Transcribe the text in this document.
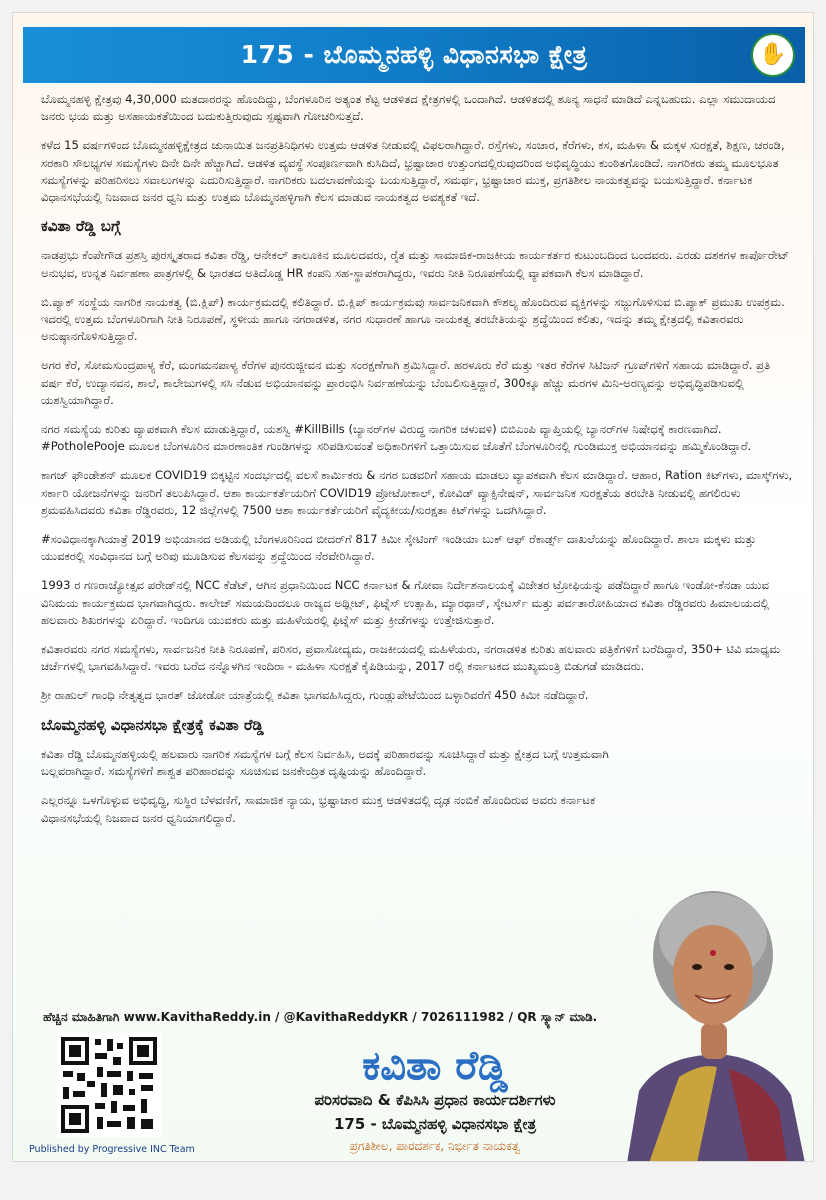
175 - ಬೊಮ್ಮನಹಳ್ಳಿ ವಿಧಾನಸಭಾ ಕ್ಷೇತ್ರ	✋

ಬೊಮ್ಮನಹಳ್ಳಿ ಕ್ಷೇತ್ರವು 4,30,000 ಮತದಾರರನ್ನು ಹೊಂದಿದ್ದು, ಬೆಂಗಳೂರಿನ ಅತ್ಯಂತ ಕೆಟ್ಟ ಆಡಳಿತದ ಕ್ಷೇತ್ರಗಳಲ್ಲಿ ಒಂದಾಗಿದೆ. ಆಡಳಿತದಲ್ಲಿ ಶೂನ್ಯ ಸಾಧನೆ ಮಾಡಿದೆ ಎನ್ನಬಹುದು. ಎಲ್ಲಾ ಸಮುದಾಯದ ಜನರು ಭಯ ಮತ್ತು ಅಸಹಾಯಕತೆಯಿಂದ ಬದುಕುತ್ತಿರುವುದು ಸ್ಪಷ್ಟವಾಗಿ ಗೋಚರಿಸುತ್ತದೆ.

ಕಳೆದ 15 ವರ್ಷಗಳಿಂದ ಬೊಮ್ಮನಹಳ್ಳಿಕ್ಷೇತ್ರದ ಚುನಾಯಿತ ಜನಪ್ರತಿನಿಧಿಗಳು ಉತ್ತಮ ಆಡಳಿತ ನೀಡುವಲ್ಲಿ ವಿಫಲರಾಗಿದ್ದಾರೆ. ರಸ್ತೆಗಳು, ಸಂಚಾರ, ಕೆರೆಗಳು, ಕಸ, ಮಹಿಳಾ & ಮಕ್ಕಳ ಸುರಕ್ಷತೆ, ಶಿಕ್ಷಣ, ಚರಂಡಿ, ಸರಕಾರಿ ಸೌಲಭ್ಯಗಳ ಸಮಸ್ಯೆಗಳು ದಿನೇ ದಿನೇ ಹೆಚ್ಚಾಗಿದೆ. ಆಡಳಿತ ವ್ಯವಸ್ಥೆ ಸಂಪೂರ್ಣವಾಗಿ ಕುಸಿದಿದೆ, ಭ್ರಷ್ಟಾಚಾರ ಉತ್ತುಂಗದಲ್ಲಿರುವುದರಿಂದ ಅಭಿವೃದ್ಧಿಯು ಕುಂಠಿತಗೊಂಡಿದೆ. ನಾಗರಿಕರು ತಮ್ಮ ಮೂಲಭೂತ ಸಮಸ್ಯೆಗಳನ್ನು ಪರಿಹರಿಸಲು ಸವಾಲುಗಳನ್ನು ಎದುರಿಸುತ್ತಿದ್ದಾರೆ. ನಾಗರಿಕರು ಬದಲಾವಣೆಯನ್ನು ಬಯಸುತ್ತಿದ್ದಾರೆ, ಸಮರ್ಥ, ಭ್ರಷ್ಟಾಚಾರ ಮುಕ್ತ, ಪ್ರಗತಿಶೀಲ ನಾಯಕತ್ವವನ್ನು ಬಯಸುತ್ತಿದ್ದಾರೆ. ಕರ್ನಾಟಕ ವಿಧಾನಸಭೆಯಲ್ಲಿ ನಿಜವಾದ ಜನರ ಧ್ವನಿ ಮತ್ತು ಉತ್ತಮ ಬೊಮ್ಮನಹಳ್ಳಿಗಾಗಿ ಕೆಲಸ ಮಾಡುವ ನಾಯಕತ್ವದ ಅವಶ್ಯಕತೆ ಇದೆ.

ಕವಿತಾ ರೆಡ್ಡಿ ಬಗ್ಗೆ

ನಾಡಪ್ರಭು ಕೆಂಪೇಗೌಡ ಪ್ರಶಸ್ತಿ ಪುರಸ್ಕೃತರಾದ ಕವಿತಾ ರೆಡ್ಡಿ, ಆನೇಕಲ್ ತಾಲೂಕಿನ ಮೂಲದವರು, ರೈತ ಮತ್ತು ಸಾಮಾಜಿಕ-ರಾಜಕೀಯ ಕಾರ್ಯಕರ್ತರ ಕುಟುಂಬದಿಂದ ಬಂದವರು. ಎರಡು ದಶಕಗಳ ಕಾರ್ಪೊರೇಟ್ ಅನುಭವ, ಉನ್ನತ ನಿರ್ವಹಣಾ ಪಾತ್ರಗಳಲ್ಲಿ & ಭಾರತದ ಅತಿದೊಡ್ಡ HR ಕಂಪನಿ ಸಹ-ಸ್ಥಾಪಕರಾಗಿದ್ದರು, ಇವರು ನೀತಿ ನಿರೂಪಣೆಯಲ್ಲಿ ವ್ಯಾಪಕವಾಗಿ ಕೆಲಸ ಮಾಡಿದ್ದಾರೆ.

ಬಿ.ಪ್ಯಾಕ್ ಸಂಸ್ಥೆಯ ನಾಗರಿಕ ನಾಯಕತ್ವ (ಬಿ.ಕ್ಲಿಪ್) ಕಾರ್ಯಕ್ರಮದಲ್ಲಿ ಕಲಿತಿದ್ದಾರೆ. ಬಿ.ಕ್ಲಿಪ್ ಕಾರ್ಯಕ್ರಮವು ಸಾರ್ವಜನಿಕವಾಗಿ ಕೌಶಲ್ಯ ಹೊಂದಿರುವ ವ್ಯಕ್ತಿಗಳನ್ನು ಸಜ್ಜುಗೊಳಿಸುವ ಬಿ.ಪ್ಯಾಕ್ ಪ್ರಮುಖ ಉಪಕ್ರಮ. ಇದರಲ್ಲಿ ಉತ್ತಮ ಬೆಂಗಳೂರಿಗಾಗಿ ನೀತಿ ನಿರೂಪಣೆ, ಸ್ಥಳೀಯ ಹಾಗೂ ನಗರಾಡಳಿತ, ನಗರ ಸುಧಾರಣೆ ಹಾಗೂ ನಾಯಕತ್ವ ತರಬೇತಿಯನ್ನು ಶ್ರದ್ಧೆಯಿಂದ ಕಲಿತು, ಇದನ್ನು ತಮ್ಮ ಕ್ಷೇತ್ರದಲ್ಲಿ ಕವಿತಾರವರು ಅನುಷ್ಠಾನಗೊಳಿಸುತ್ತಿದ್ದಾರೆ.

ಅಗರ ಕೆರೆ, ಸೋಮಸುಂದ್ರಪಾಳ್ಯ ಕೆರೆ, ಮಂಗಮನಪಾಳ್ಯ ಕೆರೆಗಳ ಪುನರುಜ್ಜೀವನ ಮತ್ತು ಸಂರಕ್ಷಣೆಗಾಗಿ ಶ್ರಮಿಸಿದ್ದಾರೆ. ಹರಳೂರು ಕೆರೆ ಮತ್ತು ಇತರ ಕೆರೆಗಳ ಸಿಟಿಜನ್ ಗ್ರೂಪ್‌ಗಳಿಗೆ ಸಹಾಯ ಮಾಡಿದ್ದಾರೆ. ಪ್ರತಿ ವರ್ಷ ಕೆರೆ, ಉದ್ಯಾನವನ, ಶಾಲೆ, ಕಾಲೇಜುಗಳಲ್ಲಿ ಸಸಿ ನೆಡುವ ಅಭಿಯಾನವನ್ನು ಪ್ರಾರಂಭಿಸಿ ನಿರ್ವಹಣೆಯನ್ನು ಬೆಂಬಲಿಸುತ್ತಿದ್ದಾರೆ, 300ಕ್ಕೂ ಹೆಚ್ಚು ಮರಗಳ ಮಿನಿ-ಅರಣ್ಯವನ್ನು ಅಭಿವೃದ್ಧಿಪಡಿಸುವಲ್ಲಿ ಯಶಸ್ವಿಯಾಗಿದ್ದಾರೆ.

ನಗರ ಸಮಸ್ಯೆಯ ಕುರಿತು ವ್ಯಾಪಕವಾಗಿ ಕೆಲಸ ಮಾಡುತ್ತಿದ್ದಾರೆ, ಯಶಸ್ವಿ #KillBills (ಬ್ಯಾನರ್‌ಗಳ ವಿರುದ್ಧ ನಾಗರಿಕ ಚಳುವಳಿ) ಬಿಬಿಎಂಪಿ ವ್ಯಾಪ್ತಿಯಲ್ಲಿ ಬ್ಯಾನರ್‌ಗಳ ನಿಷೇಧಕ್ಕೆ ಕಾರಣವಾಗಿದೆ. #PotholePooje ಮೂಲಕ ಬೆಂಗಳೂರಿನ ಮಾರಣಾಂತಿಕ ಗುಂಡಿಗಳನ್ನು ಸರಿಪಡಿಸುವಂತೆ ಅಧಿಕಾರಿಗಳಿಗೆ ಒತ್ತಾಯಿಸುವ ಜೊತೆಗೆ ಬೆಂಗಳೂರಿನಲ್ಲಿ ಗುಂಡಿಮುಕ್ತ ಅಭಿಯಾನವನ್ನು ಹಮ್ಮಿಕೊಂಡಿದ್ದಾರೆ.

ಕಾಗಜ್ ಫೌಂಡೇಶನ್ ಮೂಲಕ COVID19 ಬಿಕ್ಕಟ್ಟಿನ ಸಂದರ್ಭದಲ್ಲಿ ವಲಸೆ ಕಾರ್ಮಿಕರು & ನಗರ ಬಡವರಿಗೆ ಸಹಾಯ ಮಾಡಲು ವ್ಯಾಪಕವಾಗಿ ಕೆಲಸ ಮಾಡಿದ್ದಾರೆ. ಆಹಾರ, Ration ಕಿಟ್‌ಗಳು, ಮಾಸ್ಕ್‌ಗಳು, ಸರ್ಕಾರಿ ಯೋಜನೆಗಳನ್ನು ಜನರಿಗೆ ತಲುಪಿಸಿದ್ದಾರೆ. ಆಶಾ ಕಾರ್ಯಕರ್ತೆಯರಿಗೆ COVID19 ಪ್ರೋಟೋಕಾಲ್, ಕೋವಿಡ್ ವ್ಯಾಕ್ಸಿನೇಷನ್, ಸಾರ್ವಜನಿಕ ಸುರಕ್ಷತೆಯ ತರಬೇತಿ ನೀಡುವಲ್ಲಿ ಹಗಲಿರುಳು ಶ್ರಮವಹಿಸಿದವರು ಕವಿತಾ ರೆಡ್ಡಿರವರು, 12 ಜಿಲ್ಲೆಗಳಲ್ಲಿ 7500 ಆಶಾ ಕಾರ್ಯಕರ್ತೆಯರಿಗೆ ವೈದ್ಯಕೀಯ/ಸುರಕ್ಷತಾ ಕಿಟ್‌ಗಳನ್ನು ಒದಗಿಸಿದ್ದಾರೆ.

#ಸಂವಿಧಾನಕ್ಕಾಗಿಯಾತ್ರೆ 2019 ಅಭಿಯಾನದ ಅಡಿಯಲ್ಲಿ ಬೆಂಗಳೂರಿನಿಂದ ಬೀದರ್‌ಗೆ 817 ಕಿಮೀ ಸ್ಕೇಟಿಂಗ್ ಇಂಡಿಯಾ ಬುಕ್ ಆಫ್ ರೆಕಾರ್ಡ್ಸ್ ದಾಖಲೆಯನ್ನು ಹೊಂದಿದ್ದಾರೆ. ಶಾಲಾ ಮಕ್ಕಳು ಮತ್ತು ಯುವಕರಲ್ಲಿ ಸಂವಿಧಾನದ ಬಗ್ಗೆ ಅರಿವು ಮೂಡಿಸುವ ಕೆಲಸವನ್ನು ಶ್ರದ್ಧೆಯಿಂದ ನೆರವೇರಿಸಿದ್ದಾರೆ.

1993 ರ ಗಣರಾಜ್ಯೋತ್ಸವ ಪರೇಡ್‌ನಲ್ಲಿ NCC ಕೆಡೆಟ್, ಆಗಿನ ಪ್ರಧಾನಿಯಿಂದ NCC ಕರ್ನಾಟಕ & ಗೋವಾ ನಿರ್ದೇಶನಾಲಯಕ್ಕೆ ವಿಜೇತರ ಟ್ರೋಫಿಯನ್ನು ಪಡೆದಿದ್ದಾರೆ ಹಾಗೂ ಇಂಡೋ-ಕೆನಡಾ ಯುವ ವಿನಿಮಯ ಕಾರ್ಯಕ್ರಮದ ಭಾಗವಾಗಿದ್ದರು. ಕಾಲೇಜ್ ಸಮಯದಿಂದಲೂ ರಾಜ್ಯದ ಅಥ್ಲೀಟ್, ಫಿಟ್ನೆಸ್ ಉತ್ಸಾಹಿ, ಮ್ಯಾರಥಾನ್, ಸ್ಕೇಟರ್ಸ್ ಮತ್ತು ಪರ್ವತಾರೋಹಿಯಾದ ಕವಿತಾ ರೆಡ್ಡಿರವರು ಹಿಮಾಲಯದಲ್ಲಿ ಹಲವಾರು ಶಿಖರಗಳನ್ನು ಏರಿದ್ದಾರೆ. ಇಂದಿಗೂ ಯುವಕರು ಮತ್ತು ಮಹಿಳೆಯರಲ್ಲಿ ಫಿಟ್ನೆಸ್ ಮತ್ತು ಕ್ರೀಡೆಗಳನ್ನು ಉತ್ತೇಜಿಸುತ್ತಾರೆ.

ಕವಿತಾರವರು ನಗರ ಸಮಸ್ಯೆಗಳು, ಸಾರ್ವಜನಿಕ ನೀತಿ ನಿರೂಪಣೆ, ಪರಿಸರ, ಪ್ರವಾಸೋದ್ಯಮ, ರಾಜಕೀಯದಲ್ಲಿ ಮಹಿಳೆಯರು, ನಗರಾಡಳಿತ ಕುರಿತು ಹಲವಾರು ಪತ್ರಿಕೆಗಳಿಗೆ ಬರೆದಿದ್ದಾರೆ, 350+ ಟಿವಿ ಮಾಧ್ಯಮ ಚರ್ಚೆಗಳಲ್ಲಿ ಭಾಗವಹಿಸಿದ್ದಾರೆ. ಇವರು ಬರೆದ ನನ್ನೊಳಗಿನ ಇಂದಿರಾ - ಮಹಿಳಾ ಸುರಕ್ಷತೆ ಕೈಪಿಡಿಯನ್ನು, 2017 ರಲ್ಲಿ ಕರ್ನಾಟಕದ ಮುಖ್ಯಮಂತ್ರಿ ಬಿಡುಗಡೆ ಮಾಡಿದರು.

ಶ್ರೀ ರಾಹುಲ್ ಗಾಂಧಿ ನೇತೃತ್ವದ ಭಾರತ್ ಜೋಡೋ ಯಾತ್ರೆಯಲ್ಲಿ ಕವಿತಾ ಭಾಗವಹಿಸಿದ್ದರು, ಗುಂಡ್ಲುಪೇಟೆಯಿಂದ ಬಳ್ಳಾರಿವರೆಗೆ 450 ಕಿಮೀ ನಡೆದಿದ್ದಾರೆ.

ಬೊಮ್ಮನಹಳ್ಳಿ ವಿಧಾನಸಭಾ ಕ್ಷೇತ್ರಕ್ಕೆ ಕವಿತಾ ರೆಡ್ಡಿ

ಕವಿತಾ ರೆಡ್ಡಿ ಬೊಮ್ಮನಹಳ್ಳಿಯಲ್ಲಿ ಹಲವಾರು ನಾಗರಿಕ ಸಮಸ್ಯೆಗಳ ಬಗ್ಗೆ ಕೆಲಸ ನಿರ್ವಹಿಸಿ, ಅದಕ್ಕೆ ಪರಿಹಾರವನ್ನು ಸೂಚಿಸಿದ್ದಾರೆ ಮತ್ತು ಕ್ಷೇತ್ರದ ಬಗ್ಗೆ ಉತ್ತಮವಾಗಿ ಬಲ್ಲವರಾಗಿದ್ದಾರೆ. ಸಮಸ್ಯೆಗಳಿಗೆ ಶಾಶ್ವತ ಪರಿಹಾರವನ್ನು ಸೂಚಿಸುವ ಜನಕೇಂದ್ರಿತ ದೃಷ್ಟಿಯನ್ನು ಹೊಂದಿದ್ದಾರೆ.

ಎಲ್ಲರನ್ನೂ ಒಳಗೊಳ್ಳುವ ಅಭಿವೃದ್ಧಿ, ಸುಸ್ಥಿರ ಬೆಳವಣಿಗೆ, ಸಾಮಾಜಿಕ ನ್ಯಾಯ, ಭ್ರಷ್ಟಾಚಾರ ಮುಕ್ತ ಆಡಳಿತದಲ್ಲಿ ದೃಢ ನಂಬಿಕೆ ಹೊಂದಿರುವ ಅವರು ಕರ್ನಾಟಕ ವಿಧಾನಸಭೆಯಲ್ಲಿ ನಿಜವಾದ ಜನರ ಧ್ವನಿಯಾಗಲಿದ್ದಾರೆ.

ಹೆಚ್ಚಿನ ಮಾಹಿತಿಗಾಗಿ www.KavithaReddy.in / @KavithaReddyKR / 7026111982 / QR ಸ್ಕ್ಯಾನ್ ಮಾಡಿ.
Published by Progressive INC Team
ಕವಿತಾ ರೆಡ್ಡಿ
ಪರಿಸರವಾದಿ & ಕೆಪಿಸಿಸಿ ಪ್ರಧಾನ ಕಾರ್ಯದರ್ಶಿಗಳು
175 - ಬೊಮ್ಮನಹಳ್ಳಿ ವಿಧಾನಸಭಾ ಕ್ಷೇತ್ರ
ಪ್ರಗತಿಶೀಲ, ಪಾರದರ್ಶಕ, ನಿರ್ಭೀತ ನಾಯಕತ್ವ
